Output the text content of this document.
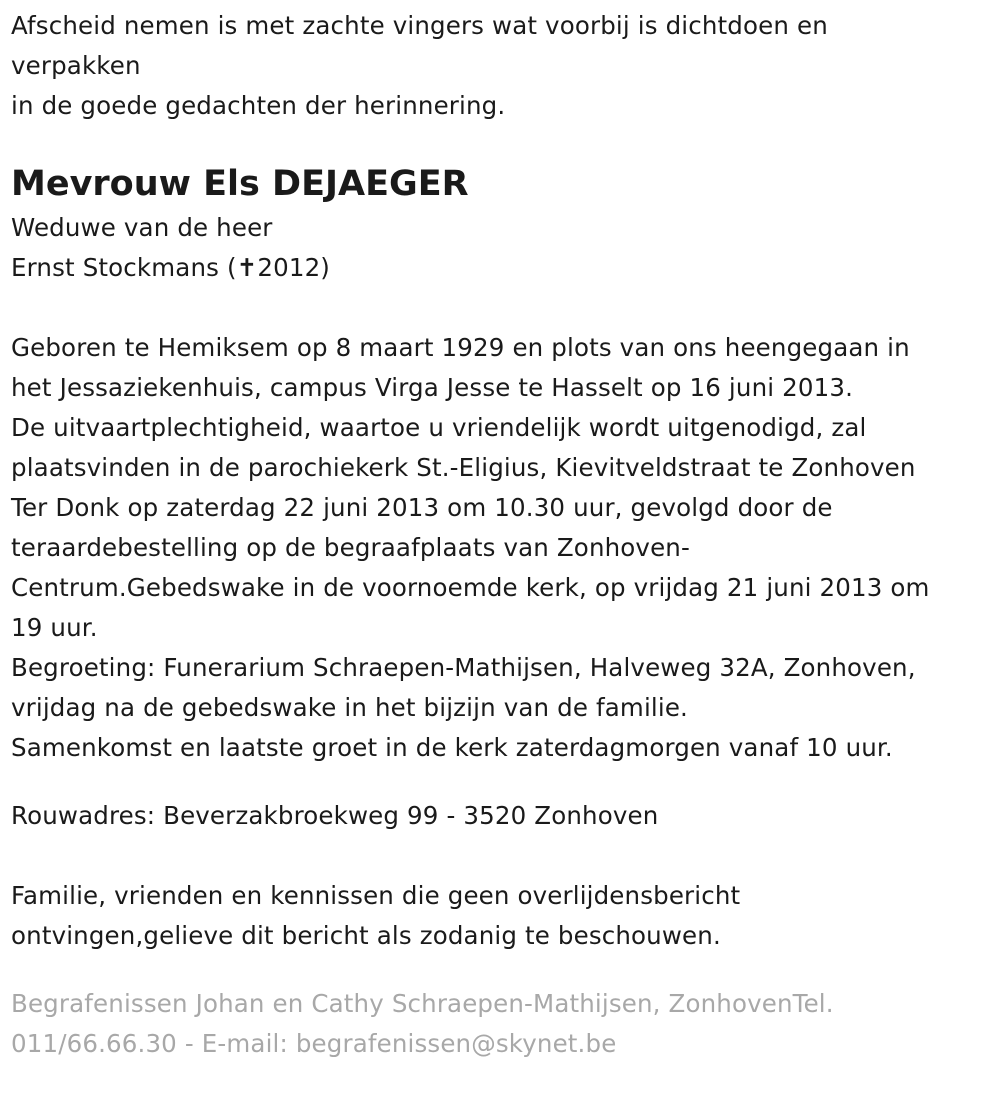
Afscheid nemen is met zachte vingers wat voorbij is dichtdoen en
verpakken
in de goede gedachten der herinnering.
Mevrouw Els DEJAEGER
Weduwe van de heer
Ernst Stockmans (✝2012)
Geboren te Hemiksem op 8 maart 1929 en plots van ons heengegaan in
het Jessaziekenhuis, campus Virga Jesse te Hasselt op 16 juni 2013.
De uitvaartplechtigheid, waartoe u vriendelijk wordt uitgenodigd, zal
plaatsvinden in de parochiekerk St.-Eligius, Kievitveldstraat te Zonhoven
Ter Donk op zaterdag 22 juni 2013 om 10.30 uur, gevolgd door de
teraardebestelling op de begraafplaats van Zonhoven-
Centrum.Gebedswake in de voornoemde kerk, op vrijdag 21 juni 2013 om
19 uur.
Begroeting: Funerarium Schraepen-Mathijsen, Halveweg 32A, Zonhoven,
vrijdag na de gebedswake in het bijzijn van de familie.
Samenkomst en laatste groet in de kerk zaterdagmorgen vanaf 10 uur.
Rouwadres: Beverzakbroekweg 99 - 3520 Zonhoven
Familie, vrienden en kennissen die geen overlijdensbericht
ontvingen,gelieve dit bericht als zodanig te beschouwen.
Begrafenissen Johan en Cathy Schraepen-Mathijsen, ZonhovenTel.
011/66.66.30 - E-mail: begrafenissen@skynet.be
